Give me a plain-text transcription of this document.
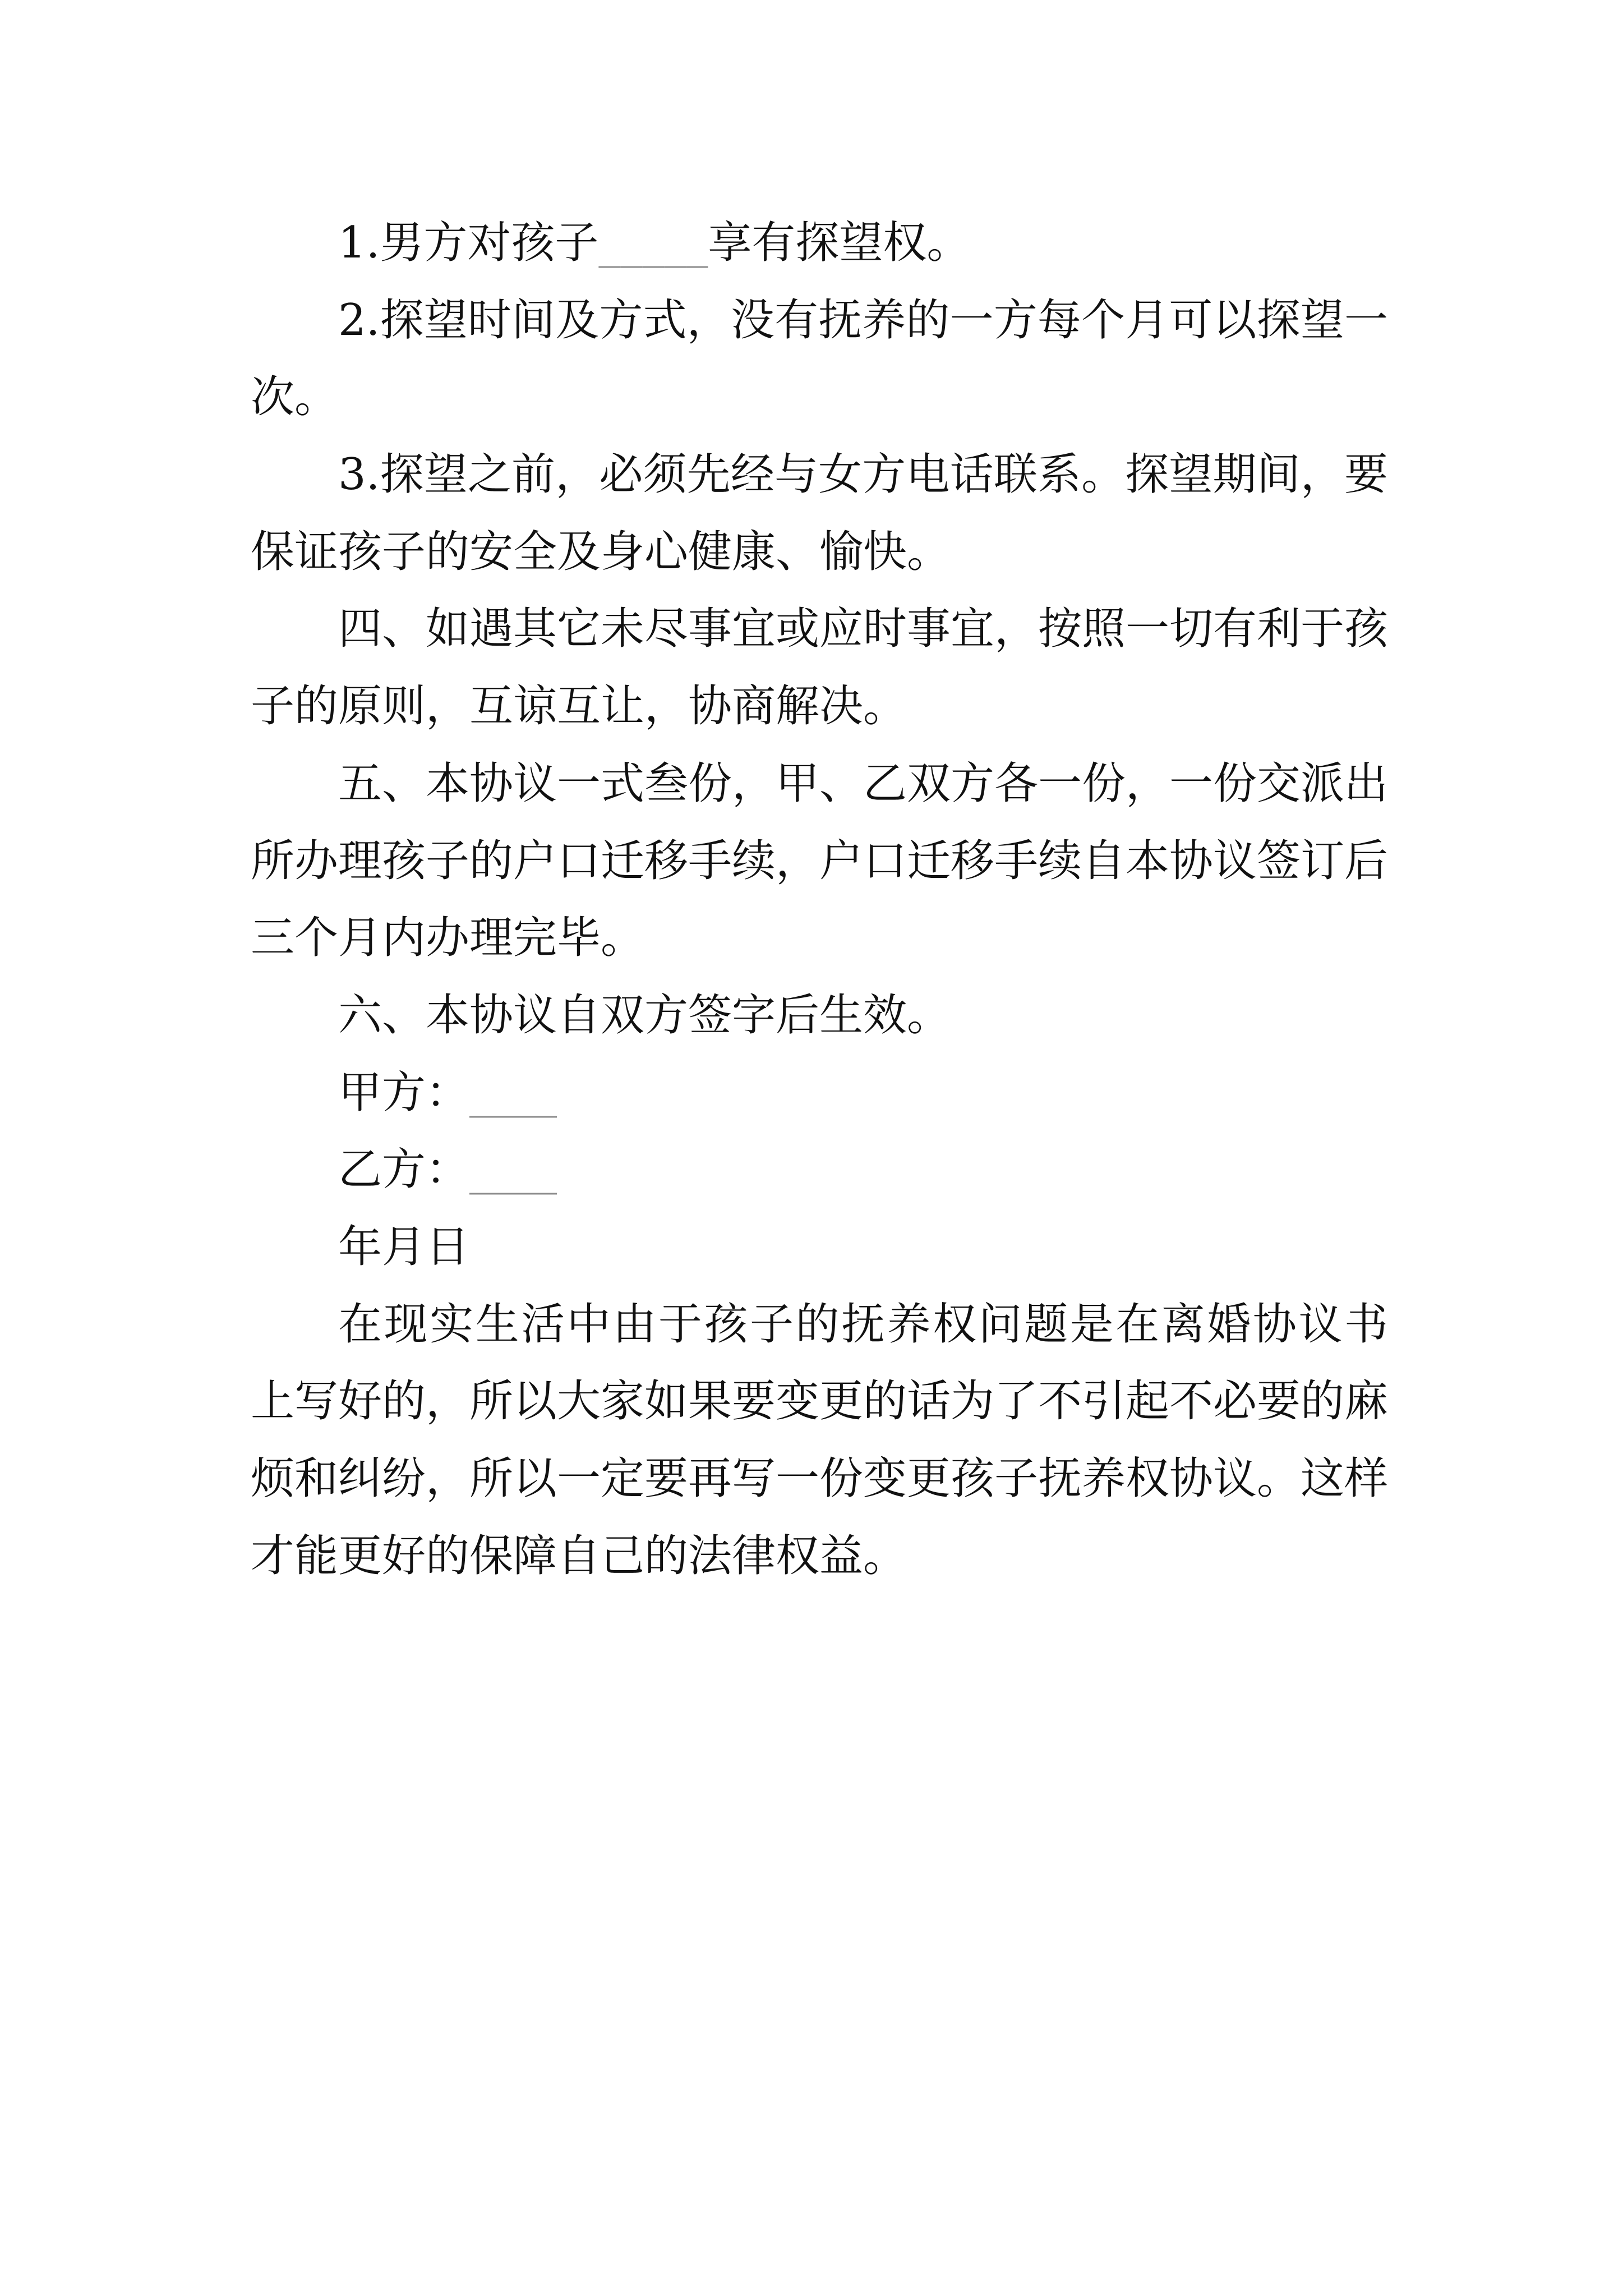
1.男方对孩子_____享有探望权。
2.探望时间及方式，没有抚养的一方每个月可以探望一
次。
3.探望之前，必须先经与女方电话联系。探望期间，要
保证孩子的安全及身心健康、愉快。
四、如遇其它未尽事宜或应时事宜，按照一切有利于孩
子的原则，互谅互让，协商解决。
五、本协议一式叁份，甲、乙双方各一份，一份交派出
所办理孩子的户口迁移手续，户口迁移手续自本协议签订后
三个月内办理完毕。
六、本协议自双方签字后生效。
甲方：____
乙方：____
年月日
在现实生活中由于孩子的抚养权问题是在离婚协议书
上写好的，所以大家如果要变更的话为了不引起不必要的麻
烦和纠纷，所以一定要再写一份变更孩子抚养权协议。这样
才能更好的保障自己的法律权益。
